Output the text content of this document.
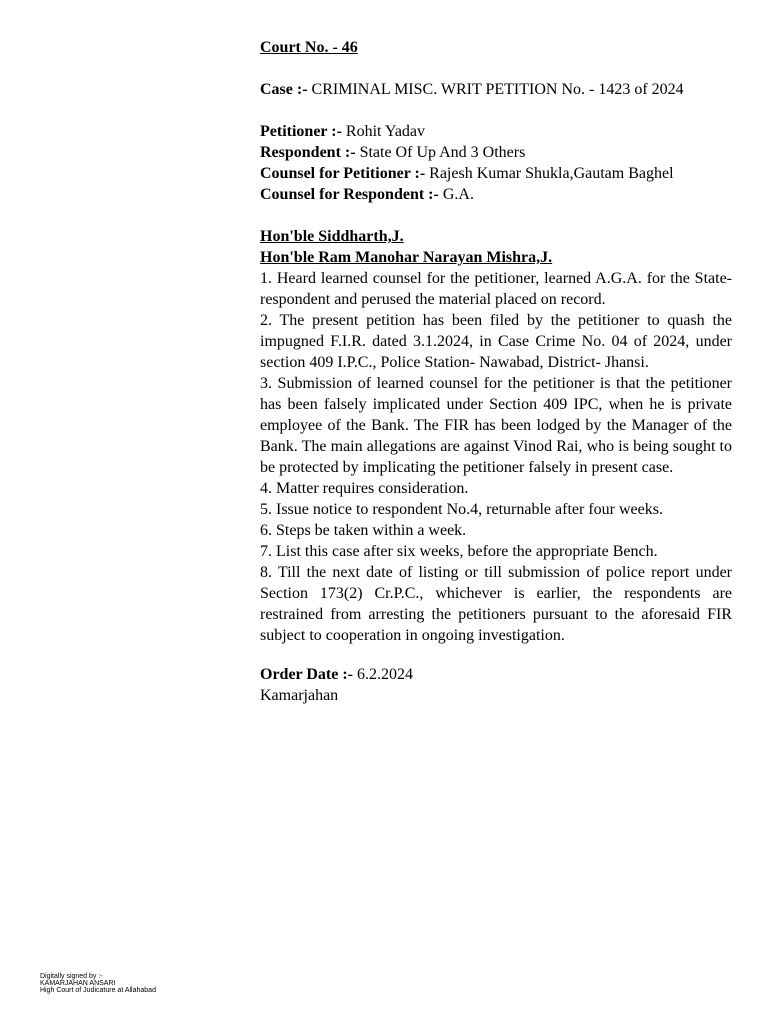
Court No. - 46

Case :- CRIMINAL MISC. WRIT PETITION No. - 1423 of 2024

Petitioner :- Rohit Yadav

Respondent :- State Of Up And 3 Others

Counsel for Petitioner :- Rajesh Kumar Shukla,Gautam Baghel

Counsel for Respondent :- G.A.

Hon'ble Siddharth,J.

Hon'ble Ram Manohar Narayan Mishra,J.

1. Heard learned counsel for the petitioner, learned A.G.A. for the State-respondent and perused the material placed on record.

2. The present petition has been filed by the petitioner to quash the impugned F.I.R. dated 3.1.2024, in Case Crime No. 04 of 2024, under section 409 I.P.C., Police Station- Nawabad, District- Jhansi.

3. Submission of learned counsel for the petitioner is that the petitioner has been falsely implicated under Section 409 IPC, when he is private employee of the Bank. The FIR has been lodged by the Manager of the Bank. The main allegations are against Vinod Rai, who is being sought to be protected by implicating the petitioner falsely in present case.

4. Matter requires consideration.

5. Issue notice to respondent No.4, returnable after four weeks.

6. Steps be taken within a week.

7. List this case after six weeks, before the appropriate Bench.

8. Till the next date of listing or till submission of police report under Section 173(2) Cr.P.C., whichever is earlier, the respondents are restrained from arresting the petitioners pursuant to the aforesaid FIR subject to cooperation in ongoing investigation.

Order Date :- 6.2.2024

Kamarjahan

Digitally signed by :-
KAMARJAHAN ANSARI
High Court of Judicature at Allahabad
